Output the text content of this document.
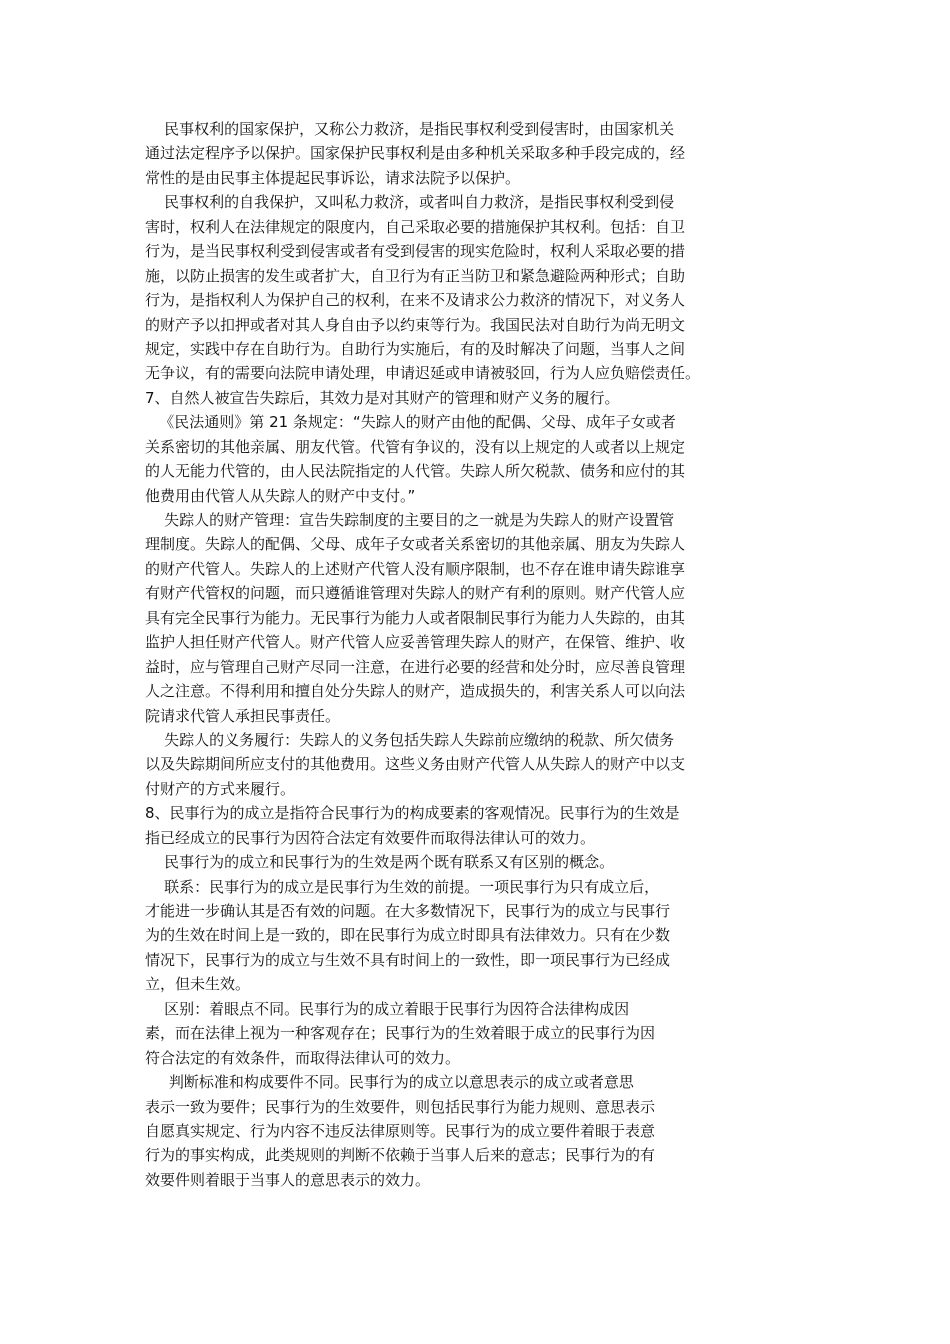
民事权利的国家保护，又称公力救济，是指民事权利受到侵害时，由国家机关
通过法定程序予以保护。国家保护民事权利是由多种机关采取多种手段完成的，经
常性的是由民事主体提起民事诉讼，请求法院予以保护。
民事权利的自我保护，又叫私力救济，或者叫自力救济，是指民事权利受到侵
害时，权利人在法律规定的限度内，自己采取必要的措施保护其权利。包括：自卫
行为，是当民事权利受到侵害或者有受到侵害的现实危险时，权利人采取必要的措
施，以防止损害的发生或者扩大，自卫行为有正当防卫和紧急避险两种形式；自助
行为，是指权利人为保护自己的权利，在来不及请求公力救济的情况下，对义务人
的财产予以扣押或者对其人身自由予以约束等行为。我国民法对自助行为尚无明文
规定，实践中存在自助行为。自助行为实施后，有的及时解决了问题，当事人之间
无争议，有的需要向法院申请处理，申请迟延或申请被驳回，行为人应负赔偿责任。
7、自然人被宣告失踪后，其效力是对其财产的管理和财产义务的履行。
《民法通则》第 21 条规定：“失踪人的财产由他的配偶、父母、成年子女或者
关系密切的其他亲属、朋友代管。代管有争议的，没有以上规定的人或者以上规定
的人无能力代管的，由人民法院指定的人代管。失踪人所欠税款、债务和应付的其
他费用由代管人从失踪人的财产中支付。”
失踪人的财产管理：宣告失踪制度的主要目的之一就是为失踪人的财产设置管
理制度。失踪人的配偶、父母、成年子女或者关系密切的其他亲属、朋友为失踪人
的财产代管人。失踪人的上述财产代管人没有顺序限制，也不存在谁申请失踪谁享
有财产代管权的问题，而只遵循谁管理对失踪人的财产有利的原则。财产代管人应
具有完全民事行为能力。无民事行为能力人或者限制民事行为能力人失踪的，由其
监护人担任财产代管人。财产代管人应妥善管理失踪人的财产，在保管、维护、收
益时，应与管理自己财产尽同一注意，在进行必要的经营和处分时，应尽善良管理
人之注意。不得利用和擅自处分失踪人的财产，造成损失的，利害关系人可以向法
院请求代管人承担民事责任。
失踪人的义务履行：失踪人的义务包括失踪人失踪前应缴纳的税款、所欠债务
以及失踪期间所应支付的其他费用。这些义务由财产代管人从失踪人的财产中以支
付财产的方式来履行。
8、民事行为的成立是指符合民事行为的构成要素的客观情况。民事行为的生效是
指已经成立的民事行为因符合法定有效要件而取得法律认可的效力。
民事行为的成立和民事行为的生效是两个既有联系又有区别的概念。
联系：民事行为的成立是民事行为生效的前提。一项民事行为只有成立后，
才能进一步确认其是否有效的问题。在大多数情况下，民事行为的成立与民事行
为的生效在时间上是一致的，即在民事行为成立时即具有法律效力。只有在少数
情况下，民事行为的成立与生效不具有时间上的一致性，即一项民事行为已经成
立，但未生效。
区别：着眼点不同。民事行为的成立着眼于民事行为因符合法律构成因
素，而在法律上视为一种客观存在；民事行为的生效着眼于成立的民事行为因
符合法定的有效条件，而取得法律认可的效力。
判断标准和构成要件不同。民事行为的成立以意思表示的成立或者意思
表示一致为要件；民事行为的生效要件，则包括民事行为能力规则、意思表示
自愿真实规定、行为内容不违反法律原则等。民事行为的成立要件着眼于表意
行为的事实构成，此类规则的判断不依赖于当事人后来的意志；民事行为的有
效要件则着眼于当事人的意思表示的效力。
